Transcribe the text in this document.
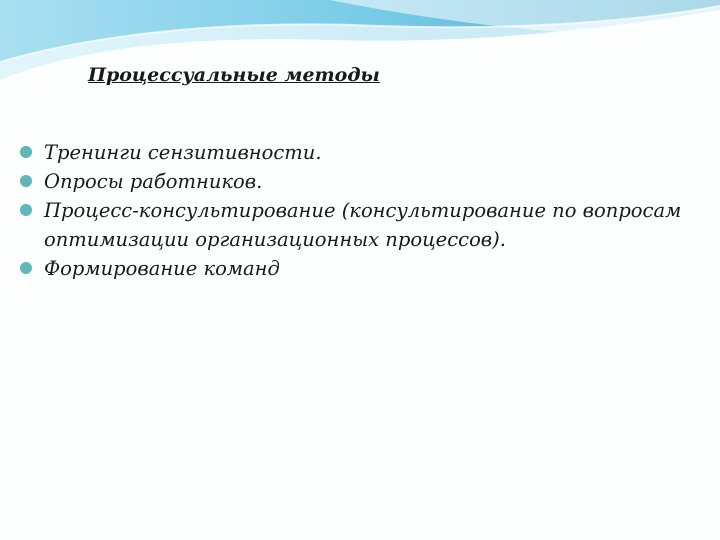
Процессуальные методы
Тренинги сензитивности.
Опросы работников.
Процесс-консультирование (консультирование по вопросам оптимизации организационных процессов).
Формирование команд
